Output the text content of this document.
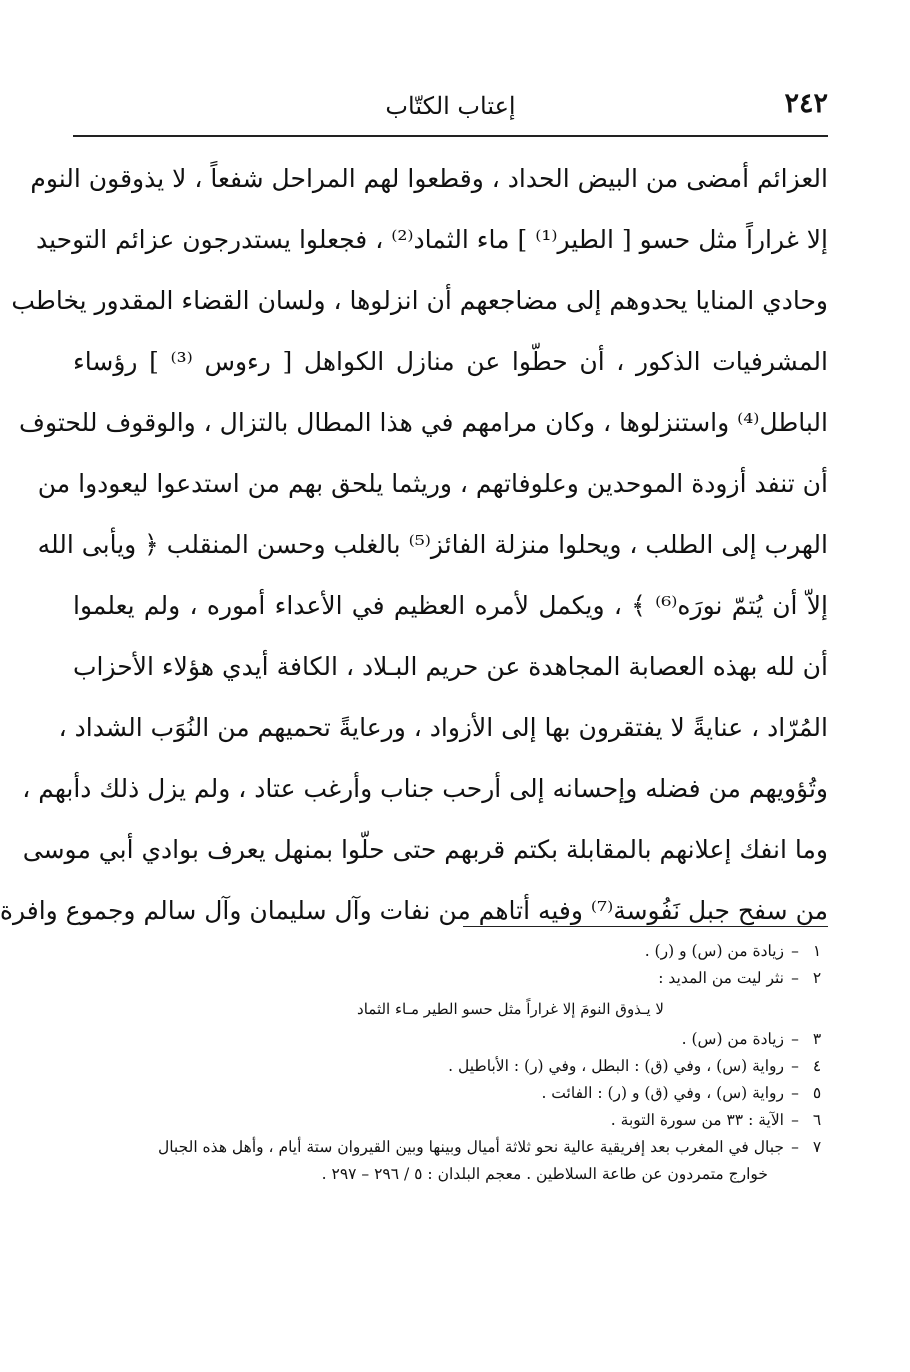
٢٤٢
إعتاب الكتّاب
العزائم أمضى من البيض الحداد ، وقطعوا لهم المراحل شفعاً ، لا يذوقون النوم
إلا غراراً مثل حسو [ الطير⁽¹⁾ ] ماء الثماد⁽²⁾ ، فجعلوا يستدرجون عزائم التوحيد
وحادي المنايا يحدوهم إلى مضاجعهم أن انزلوها ، ولسان القضاء المقدور يخاطب
المشرفيات الذكور ، أن حطّوا عن منازل الكواهل [ رءوس ⁽³⁾ ] رؤساء
الباطل⁽⁴⁾ واستنزلوها ، وكان مرامهم في هذا المطال بالتزال ، والوقوف للحتوف
أن تنفد أزودة الموحدين وعلوفاتهم ، وريثما يلحق بهم من استدعوا ليعودوا من
الهرب إلى الطلب ، ويحلوا منزلة الفائز⁽⁵⁾ بالغلب وحسن المنقلب ﴿ ويأبى الله
إلاّ أن يُتمّ نورَه⁽⁶⁾ ﴾ ، ويكمل لأمره العظيم في الأعداء أموره ، ولم يعلموا
أن لله بهذه العصابة المجاهدة عن حريم البـلاد ، الكافة أيدي هؤلاء الأحزاب
المُرّاد ، عنايةً لا يفتقرون بها إلى الأزواد ، ورعايةً تحميهم من النُوَب الشداد ،
وتُؤويهم من فضله وإحسانه إلى أرحب جناب وأرغب عتاد ، ولم يزل ذلك دأبهم ،
وما انفك إعلانهم بالمقابلة بكتم قربهم حتى حلّوا بمنهل يعرف بوادي أبي موسى
من سفح جبل نَفُوسة⁽⁷⁾ وفيه أتاهم من نفات وآل سليمان وآل سالم وجموع وافرة
١–زيادة من (س) و (ر) .
٢–نثر ليت من المديد :
لا يـذوق النومَ إلا غراراً مثل حسو الطير مـاء الثماد
٣–زيادة من (س) .
٤–رواية (س) ، وفي (ق) : البطل ، وفي (ر) : الأباطيل .
٥–رواية (س) ، وفي (ق) و (ر) : الفائت .
٦–الآية : ٣٣ من سورة التوبة .
٧–جبال في المغرب بعد إفريقية عالية نحو ثلاثة أميال وبينها وبين القيروان ستة أيام ، وأهل هذه الجبال
خوارج متمردون عن طاعة السلاطين . معجم البلدان : ٥ / ٢٩٦ – ٢٩٧ .
